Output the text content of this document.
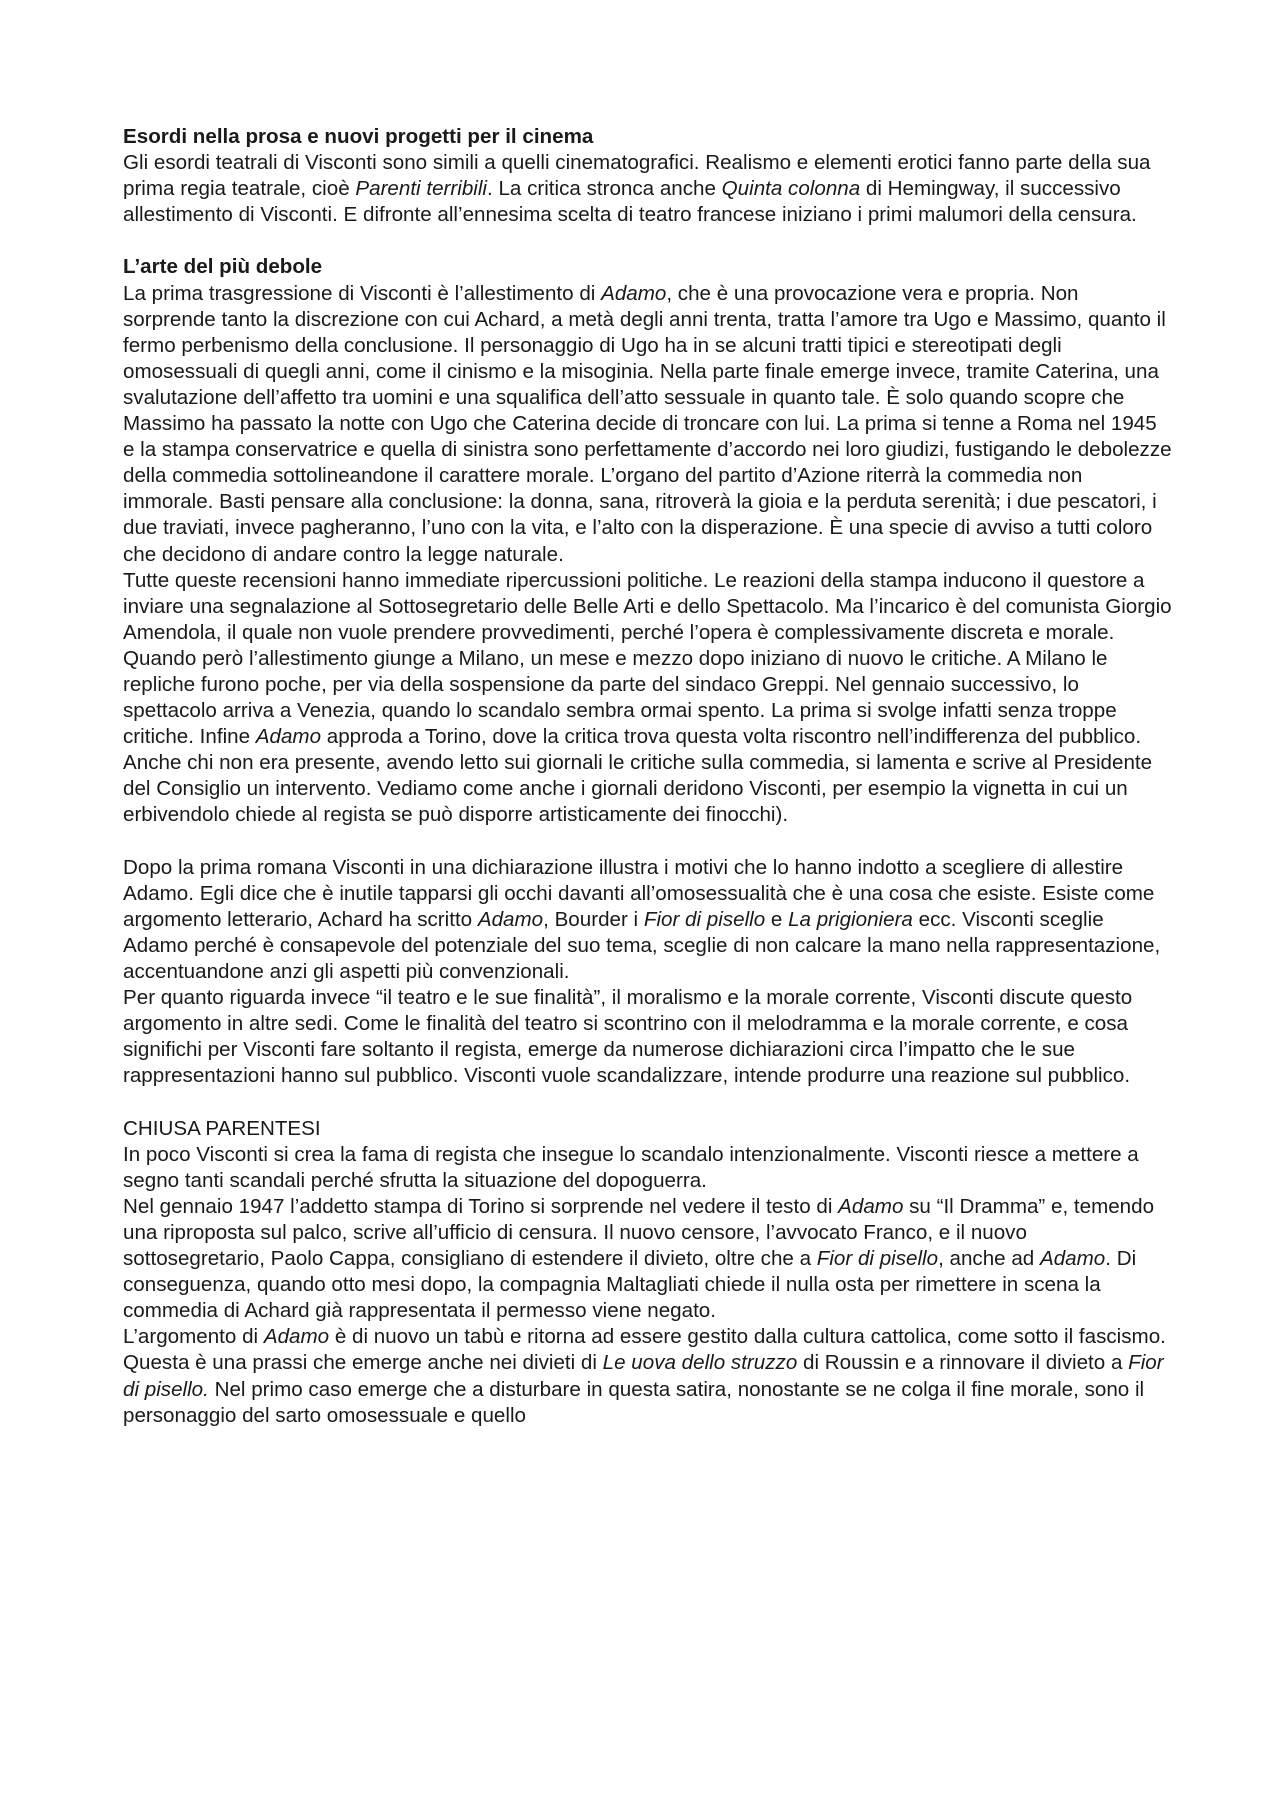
Esordi nella prosa e nuovi progetti per il cinema

Gli esordi teatrali di Visconti sono simili a quelli cinematografici. Realismo e elementi erotici fanno parte della sua prima regia teatrale, cioè Parenti terribili. La critica stronca anche Quinta colonna di Hemingway, il successivo allestimento di Visconti. E difronte all’ennesima scelta di teatro francese iniziano i primi malumori della censura.

L’arte del più debole

La prima trasgressione di Visconti è l’allestimento di Adamo, che è una provocazione vera e propria. Non sorprende tanto la discrezione con cui Achard, a metà degli anni trenta, tratta l’amore tra Ugo e Massimo, quanto il fermo perbenismo della conclusione. Il personaggio di Ugo ha in se alcuni tratti tipici e stereotipati degli omosessuali di quegli anni, come il cinismo e la misoginia. Nella parte finale emerge invece, tramite Caterina, una svalutazione dell’affetto tra uomini e una squalifica dell’atto sessuale in quanto tale. È solo quando scopre che Massimo ha passato la notte con Ugo che Caterina decide di troncare con lui. La prima si tenne a Roma nel 1945 e la stampa conservatrice e quella di sinistra sono perfettamente d’accordo nei loro giudizi, fustigando le debolezze della commedia sottolineandone il carattere morale. L’organo del partito d’Azione riterrà la commedia non immorale. Basti pensare alla conclusione: la donna, sana, ritroverà la gioia e la perduta serenità; i due pescatori, i due traviati, invece pagheranno, l’uno con la vita, e l’alto con la disperazione. È una specie di avviso a tutti coloro che decidono di andare contro la legge naturale.

Tutte queste recensioni hanno immediate ripercussioni politiche. Le reazioni della stampa inducono il questore a inviare una segnalazione al Sottosegretario delle Belle Arti e dello Spettacolo. Ma l’incarico è del comunista Giorgio Amendola, il quale non vuole prendere provvedimenti, perché l’opera è complessivamente discreta e morale.

Quando però l’allestimento giunge a Milano, un mese e mezzo dopo iniziano di nuovo le critiche. A Milano le repliche furono poche, per via della sospensione da parte del sindaco Greppi. Nel gennaio successivo, lo spettacolo arriva a Venezia, quando lo scandalo sembra ormai spento. La prima si svolge infatti senza troppe critiche. Infine Adamo approda a Torino, dove la critica trova questa volta riscontro nell’indifferenza del pubblico.

Anche chi non era presente, avendo letto sui giornali le critiche sulla commedia, si lamenta e scrive al Presidente del Consiglio un intervento. Vediamo come anche i giornali deridono Visconti, per esempio la vignetta in cui un erbivendolo chiede al regista se può disporre artisticamente dei finocchi).

Dopo la prima romana Visconti in una dichiarazione illustra i motivi che lo hanno indotto a scegliere di allestire Adamo. Egli dice che è inutile tapparsi gli occhi davanti all’omosessualità che è una cosa che esiste. Esiste come argomento letterario, Achard ha scritto Adamo, Bourder i Fior di pisello e La prigioniera ecc. Visconti sceglie Adamo perché è consapevole del potenziale del suo tema, sceglie di non calcare la mano nella rappresentazione, accentuandone anzi gli aspetti più convenzionali.

Per quanto riguarda invece “il teatro e le sue finalità”, il moralismo e la morale corrente, Visconti discute questo argomento in altre sedi. Come le finalità del teatro si scontrino con il melodramma e la morale corrente, e cosa significhi per Visconti fare soltanto il regista, emerge da numerose dichiarazioni circa l’impatto che le sue rappresentazioni hanno sul pubblico. Visconti vuole scandalizzare, intende produrre una reazione sul pubblico.

CHIUSA PARENTESI

In poco Visconti si crea la fama di regista che insegue lo scandalo intenzionalmente. Visconti riesce a mettere a segno tanti scandali perché sfrutta la situazione del dopoguerra.

Nel gennaio 1947 l’addetto stampa di Torino si sorprende nel vedere il testo di Adamo su “Il Dramma” e, temendo una riproposta sul palco, scrive all’ufficio di censura. Il nuovo censore, l’avvocato Franco, e il nuovo sottosegretario, Paolo Cappa, consigliano di estendere il divieto, oltre che a Fior di pisello, anche ad Adamo. Di conseguenza, quando otto mesi dopo, la compagnia Maltagliati chiede il nulla osta per rimettere in scena la commedia di Achard già rappresentata il permesso viene negato.

L’argomento di Adamo è di nuovo un tabù e ritorna ad essere gestito dalla cultura cattolica, come sotto il fascismo. Questa è una prassi che emerge anche nei divieti di Le uova dello struzzo di Roussin e a rinnovare il divieto a Fior di pisello. Nel primo caso emerge che a disturbare in questa satira, nonostante se ne colga il fine morale, sono il personaggio del sarto omosessuale e quello
